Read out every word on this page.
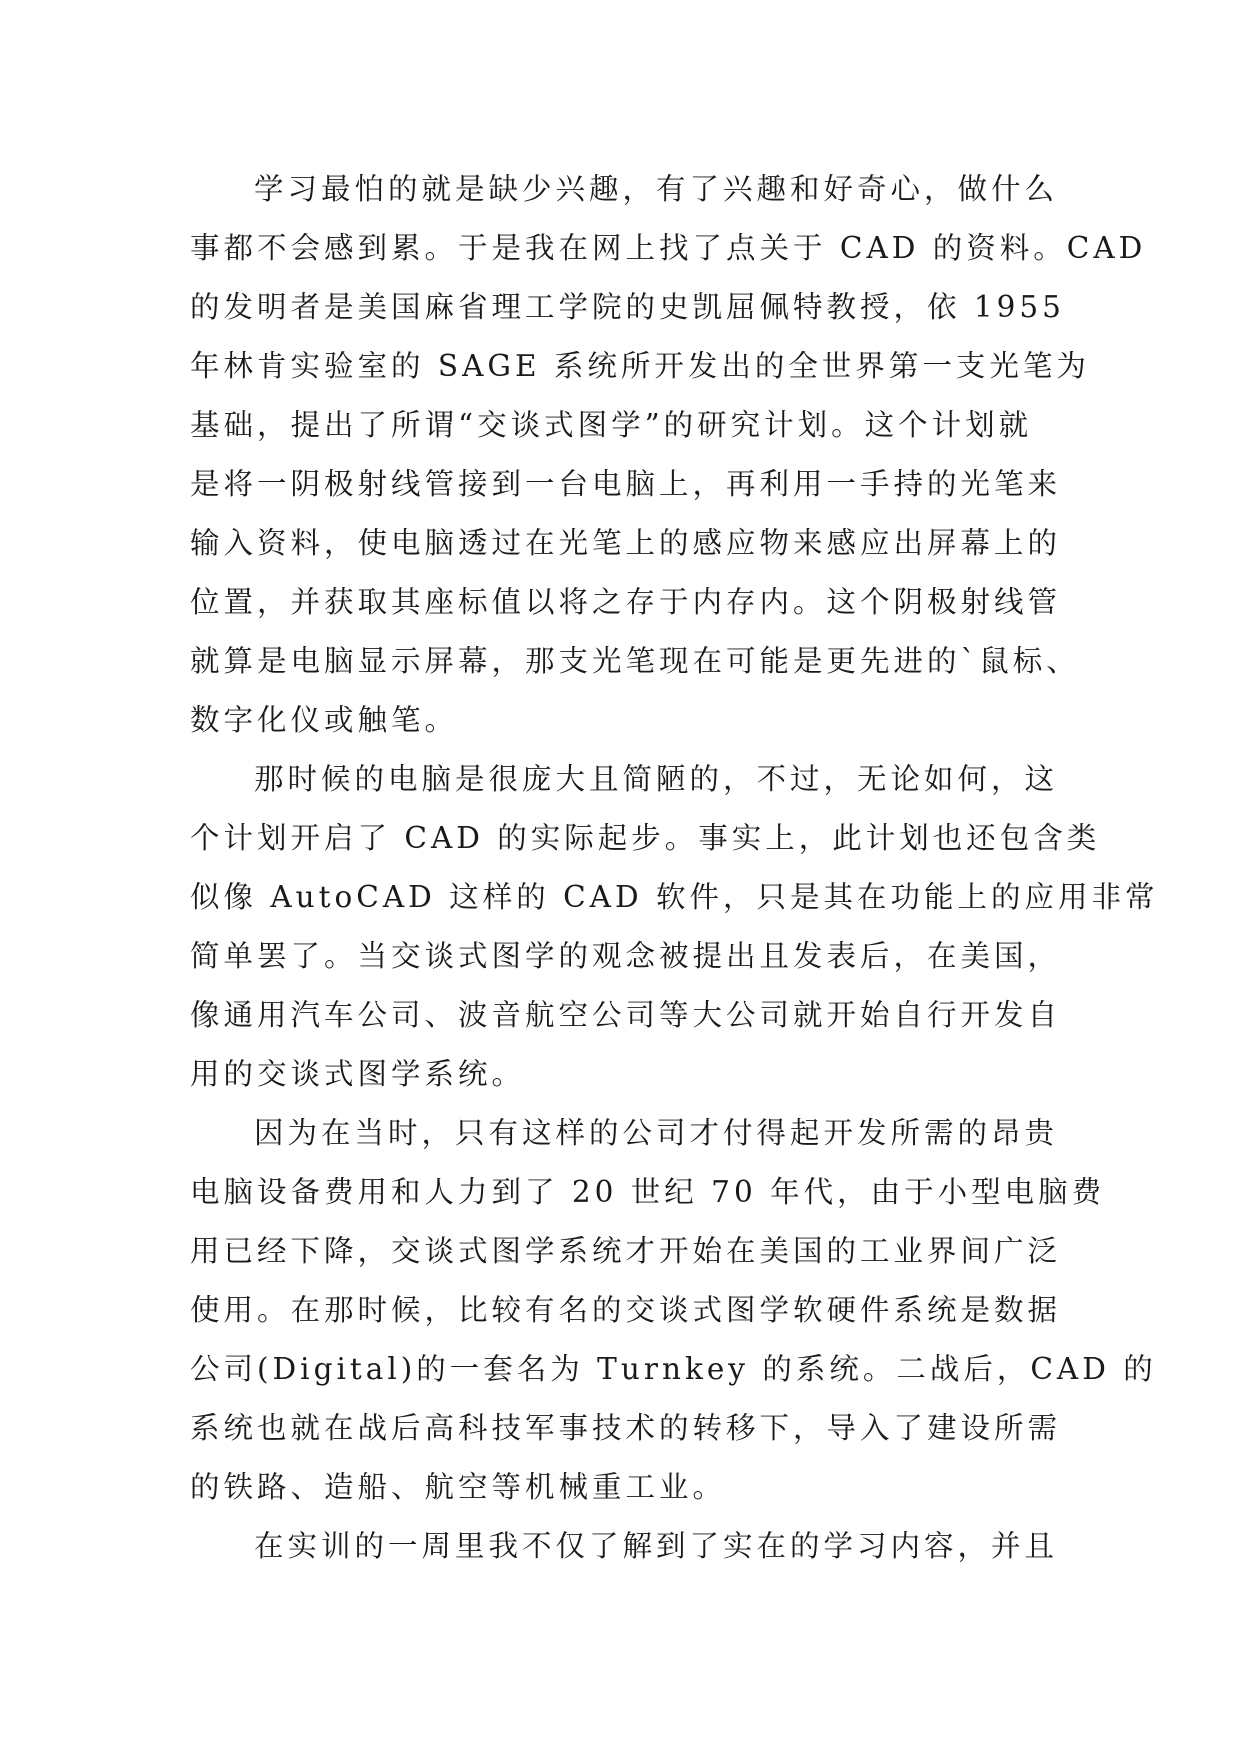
学习最怕的就是缺少兴趣，有了兴趣和好奇心，做什么
事都不会感到累。于是我在网上找了点关于 CAD 的资料。CAD
的发明者是美国麻省理工学院的史凯屈佩特教授，依 1955
年林肯实验室的 SAGE 系统所开发出的全世界第一支光笔为
基础，提出了所谓“交谈式图学”的研究计划。这个计划就
是将一阴极射线管接到一台电脑上，再利用一手持的光笔来
输入资料，使电脑透过在光笔上的感应物来感应出屏幕上的
位置，并获取其座标值以将之存于内存内。这个阴极射线管
就算是电脑显示屏幕，那支光笔现在可能是更先进的`鼠标、
数字化仪或触笔。
那时候的电脑是很庞大且简陋的，不过，无论如何，这
个计划开启了 CAD 的实际起步。事实上，此计划也还包含类
似像 AutoCAD 这样的 CAD 软件，只是其在功能上的应用非常
简单罢了。当交谈式图学的观念被提出且发表后，在美国，
像通用汽车公司、波音航空公司等大公司就开始自行开发自
用的交谈式图学系统。
因为在当时，只有这样的公司才付得起开发所需的昂贵
电脑设备费用和人力到了 20 世纪 70 年代，由于小型电脑费
用已经下降，交谈式图学系统才开始在美国的工业界间广泛
使用。在那时候，比较有名的交谈式图学软硬件系统是数据
公司(Digital)的一套名为 Turnkey 的系统。二战后，CAD 的
系统也就在战后高科技军事技术的转移下，导入了建设所需
的铁路、造船、航空等机械重工业。
在实训的一周里我不仅了解到了实在的学习内容，并且
